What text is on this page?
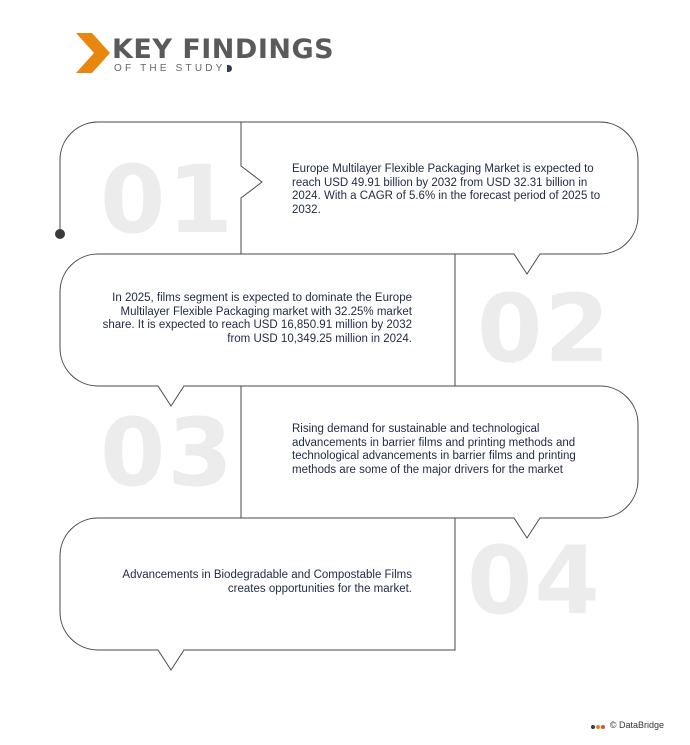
KEY FINDINGS
OF THE STUDY
01	Europe Multilayer Flexible Packaging Market is expected to reach USD 49.91 billion by 2032 from USD 32.31 billion in 2024. With a CAGR of 5.6% in the forecast period of 2025 to 2032.

02

In 2025, films segment is expected to dominate the Europe Multilayer Flexible Packaging market with 32.25% market share. It is expected to reach USD 16,850.91 million by 2032 from USD 10,349.25 million in 2024.

03	Rising demand for sustainable and technological advancements in barrier films and printing methods and technological advancements in barrier films and printing methods are some of the major drivers for the market

04

Advancements in Biodegradable and Compostable Films creates opportunities for the market.

© DataBridge
